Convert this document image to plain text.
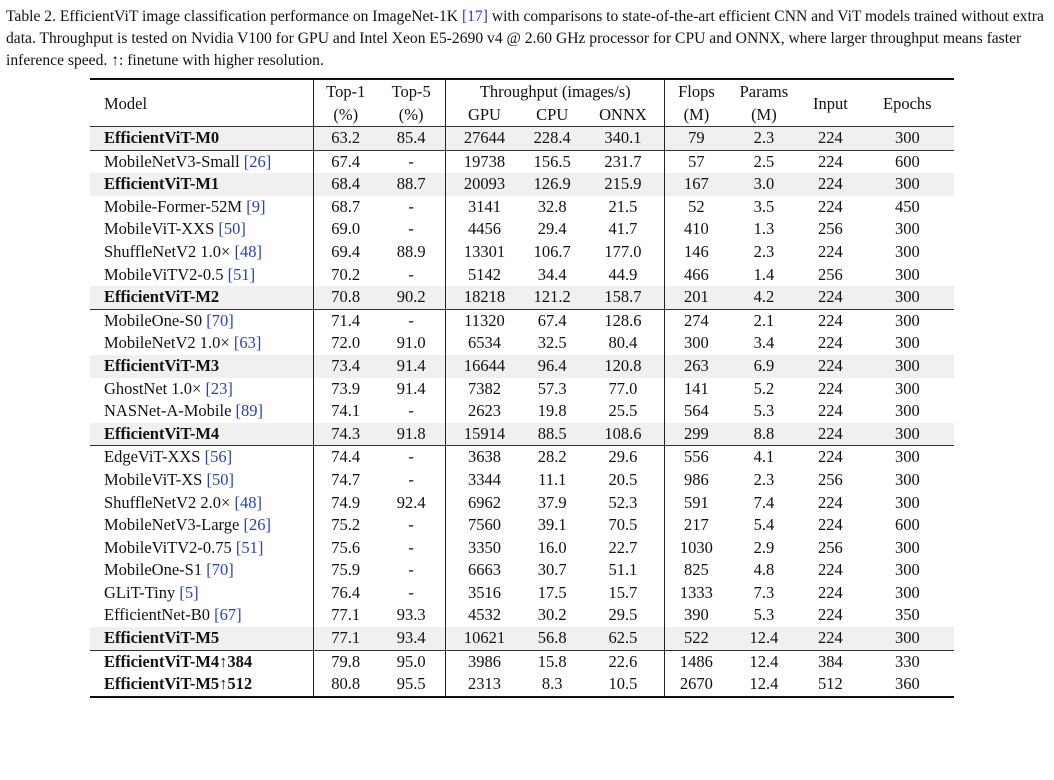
Table 2. EfficientViT image classification performance on ImageNet-1K [17] with comparisons to state-of-the-art efficient CNN and ViT models trained without extra data. Throughput is tested on Nvidia V100 for GPU and Intel Xeon E5-2690 v4 @ 2.60 GHz processor for CPU and ONNX, where larger throughput means faster inference speed. ↑: finetune with higher resolution.
Model	Top-1	Top-5	Throughput (images/s)			Flops	Params	Input	Epochs
	(%)	(%)	GPU	CPU	ONNX	(M)	(M)		
EfficientViT-M0	63.2	85.4	27644	228.4	340.1	79	2.3	224	300
MobileNetV3-Small [26]	67.4	-	19738	156.5	231.7	57	2.5	224	600
EfficientViT-M1	68.4	88.7	20093	126.9	215.9	167	3.0	224	300
Mobile-Former-52M [9]	68.7	-	3141	32.8	21.5	52	3.5	224	450
MobileViT-XXS [50]	69.0	-	4456	29.4	41.7	410	1.3	256	300
ShuffleNetV2 1.0× [48]	69.4	88.9	13301	106.7	177.0	146	2.3	224	300
MobileViTV2-0.5 [51]	70.2	-	5142	34.4	44.9	466	1.4	256	300
EfficientViT-M2	70.8	90.2	18218	121.2	158.7	201	4.2	224	300
MobileOne-S0 [70]	71.4	-	11320	67.4	128.6	274	2.1	224	300
MobileNetV2 1.0× [63]	72.0	91.0	6534	32.5	80.4	300	3.4	224	300
EfficientViT-M3	73.4	91.4	16644	96.4	120.8	263	6.9	224	300
GhostNet 1.0× [23]	73.9	91.4	7382	57.3	77.0	141	5.2	224	300
NASNet-A-Mobile [89]	74.1	-	2623	19.8	25.5	564	5.3	224	300
EfficientViT-M4	74.3	91.8	15914	88.5	108.6	299	8.8	224	300
EdgeViT-XXS [56]	74.4	-	3638	28.2	29.6	556	4.1	224	300
MobileViT-XS [50]	74.7	-	3344	11.1	20.5	986	2.3	256	300
ShuffleNetV2 2.0× [48]	74.9	92.4	6962	37.9	52.3	591	7.4	224	300
MobileNetV3-Large [26]	75.2	-	7560	39.1	70.5	217	5.4	224	600
MobileViTV2-0.75 [51]	75.6	-	3350	16.0	22.7	1030	2.9	256	300
MobileOne-S1 [70]	75.9	-	6663	30.7	51.1	825	4.8	224	300
GLiT-Tiny [5]	76.4	-	3516	17.5	15.7	1333	7.3	224	300
EfficientNet-B0 [67]	77.1	93.3	4532	30.2	29.5	390	5.3	224	350
EfficientViT-M5	77.1	93.4	10621	56.8	62.5	522	12.4	224	300
EfficientViT-M4↑384	79.8	95.0	3986	15.8	22.6	1486	12.4	384	330
EfficientViT-M5↑512	80.8	95.5	2313	8.3	10.5	2670	12.4	512	360
